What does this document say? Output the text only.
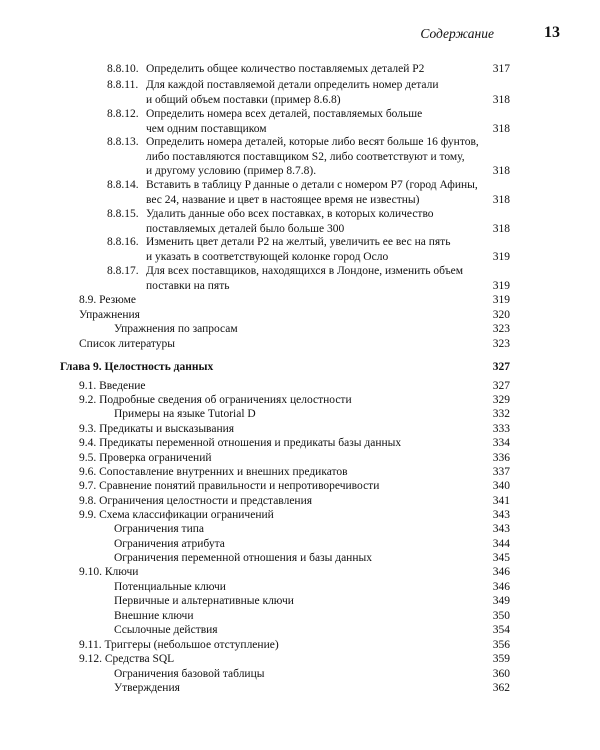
Содержание	13
8.8.10. Определить общее количество поставляемых деталей P2	317
8.8.11. Для каждой поставляемой детали определить номер детали
и общий объем поставки (пример 8.6.8)	318
8.8.12. Определить номера всех деталей, поставляемых больше
чем одним поставщиком	318
8.8.13. Определить номера деталей, которые либо весят больше 16 фунтов,
либо поставляются поставщиком S2, либо соответствуют и тому,
и другому условию (пример 8.7.8).	318
8.8.14. Вставить в таблицу P данные о детали с номером P7 (город Афины,
вес 24, название и цвет в настоящее время не известны)	318
8.8.15. Удалить данные обо всех поставках, в которых количество
поставляемых деталей было больше 300	318
8.8.16. Изменить цвет детали P2 на желтый, увеличить ее вес на пять
и указать в соответствующей колонке город Осло	319
8.8.17. Для всех поставщиков, находящихся в Лондоне, изменить объем
поставки на пять	319
8.9. Резюме	319
Упражнения	320
Упражнения по запросам	323
Список литературы	323
Глава 9. Целостность данных	327
9.1. Введение	327
9.2. Подробные сведения об ограничениях целостности	329
Примеры на языке Tutorial D	332
9.3. Предикаты и высказывания	333
9.4. Предикаты переменной отношения и предикаты базы данных	334
9.5. Проверка ограничений	336
9.6. Сопоставление внутренних и внешних предикатов	337
9.7. Сравнение понятий правильности и непротиворечивости	340
9.8. Ограничения целостности и представления	341
9.9. Схема классификации ограничений	343
Ограничения типа	343
Ограничения атрибута	344
Ограничения переменной отношения и базы данных	345
9.10. Ключи	346
Потенциальные ключи	346
Первичные и альтернативные ключи	349
Внешние ключи	350
Ссылочные действия	354
9.11. Триггеры (небольшое отступление)	356
9.12. Средства SQL	359
Ограничения базовой таблицы	360
Утверждения	362
